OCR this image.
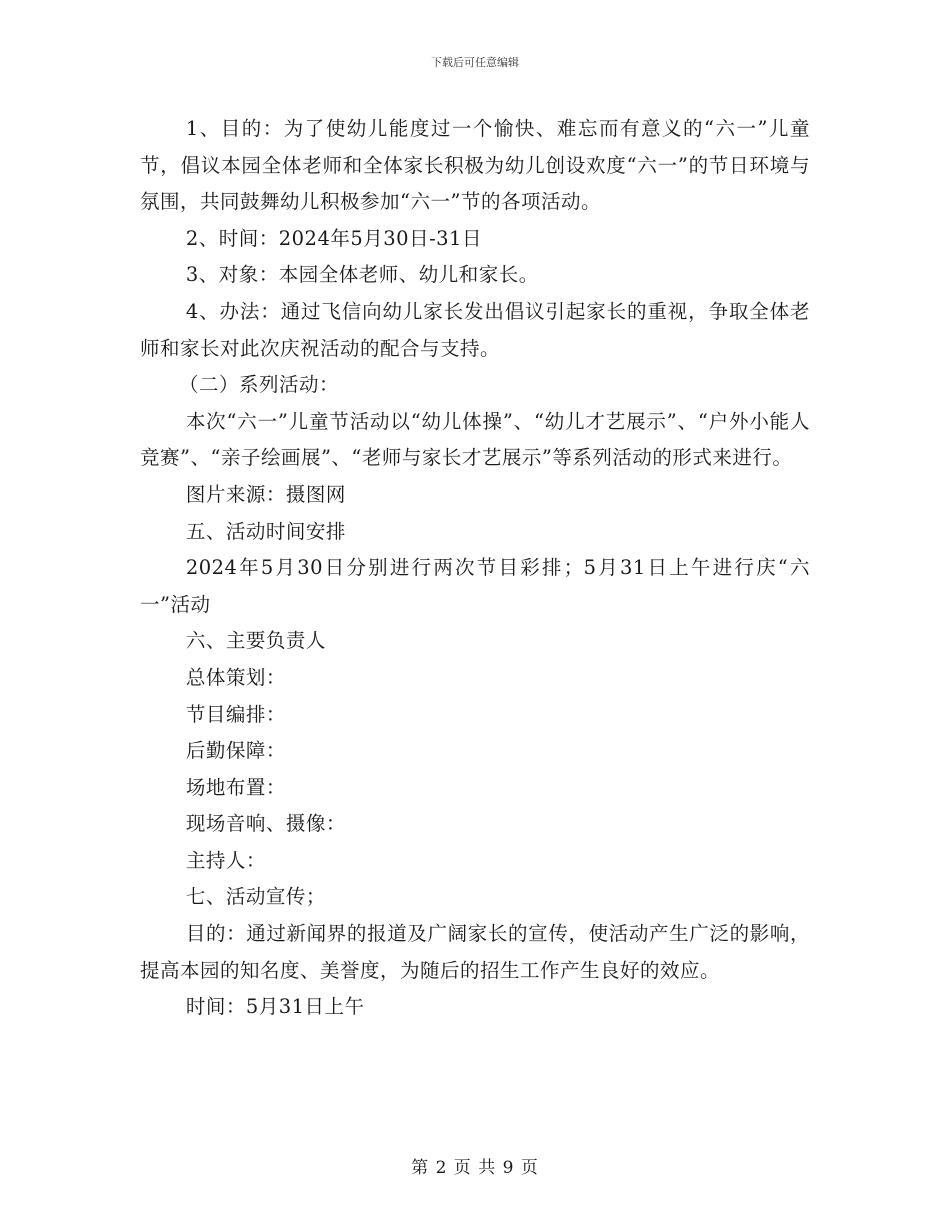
下载后可任意编辑

1、目的：为了使幼儿能度过一个愉快、难忘而有意义的“六一”儿童节，倡议本园全体老师和全体家长积极为幼儿创设欢度“六一”的节日环境与氛围，共同鼓舞幼儿积极参加“六一”节的各项活动。

2、时间：2024年5月30日-31日

3、对象：本园全体老师、幼儿和家长。

4、办法：通过飞信向幼儿家长发出倡议引起家长的重视，争取全体老师和家长对此次庆祝活动的配合与支持。

（二）系列活动：

本次“六一”儿童节活动以“幼儿体操”、“幼儿才艺展示”、“户外小能人竞赛”、“亲子绘画展”、“老师与家长才艺展示”等系列活动的形式来进行。

图片来源：摄图网

五、活动时间安排

2024年5月30日分别进行两次节目彩排；5月31日上午进行庆“六一”活动

六、主要负责人

总体策划：

节目编排：

后勤保障：

场地布置：

现场音响、摄像：

主持人：

七、活动宣传；

目的：通过新闻界的报道及广阔家长的宣传，使活动产生广泛的影响，提高本园的知名度、美誉度，为随后的招生工作产生良好的效应。

时间：5月31日上午

第 2 页 共 9 页
